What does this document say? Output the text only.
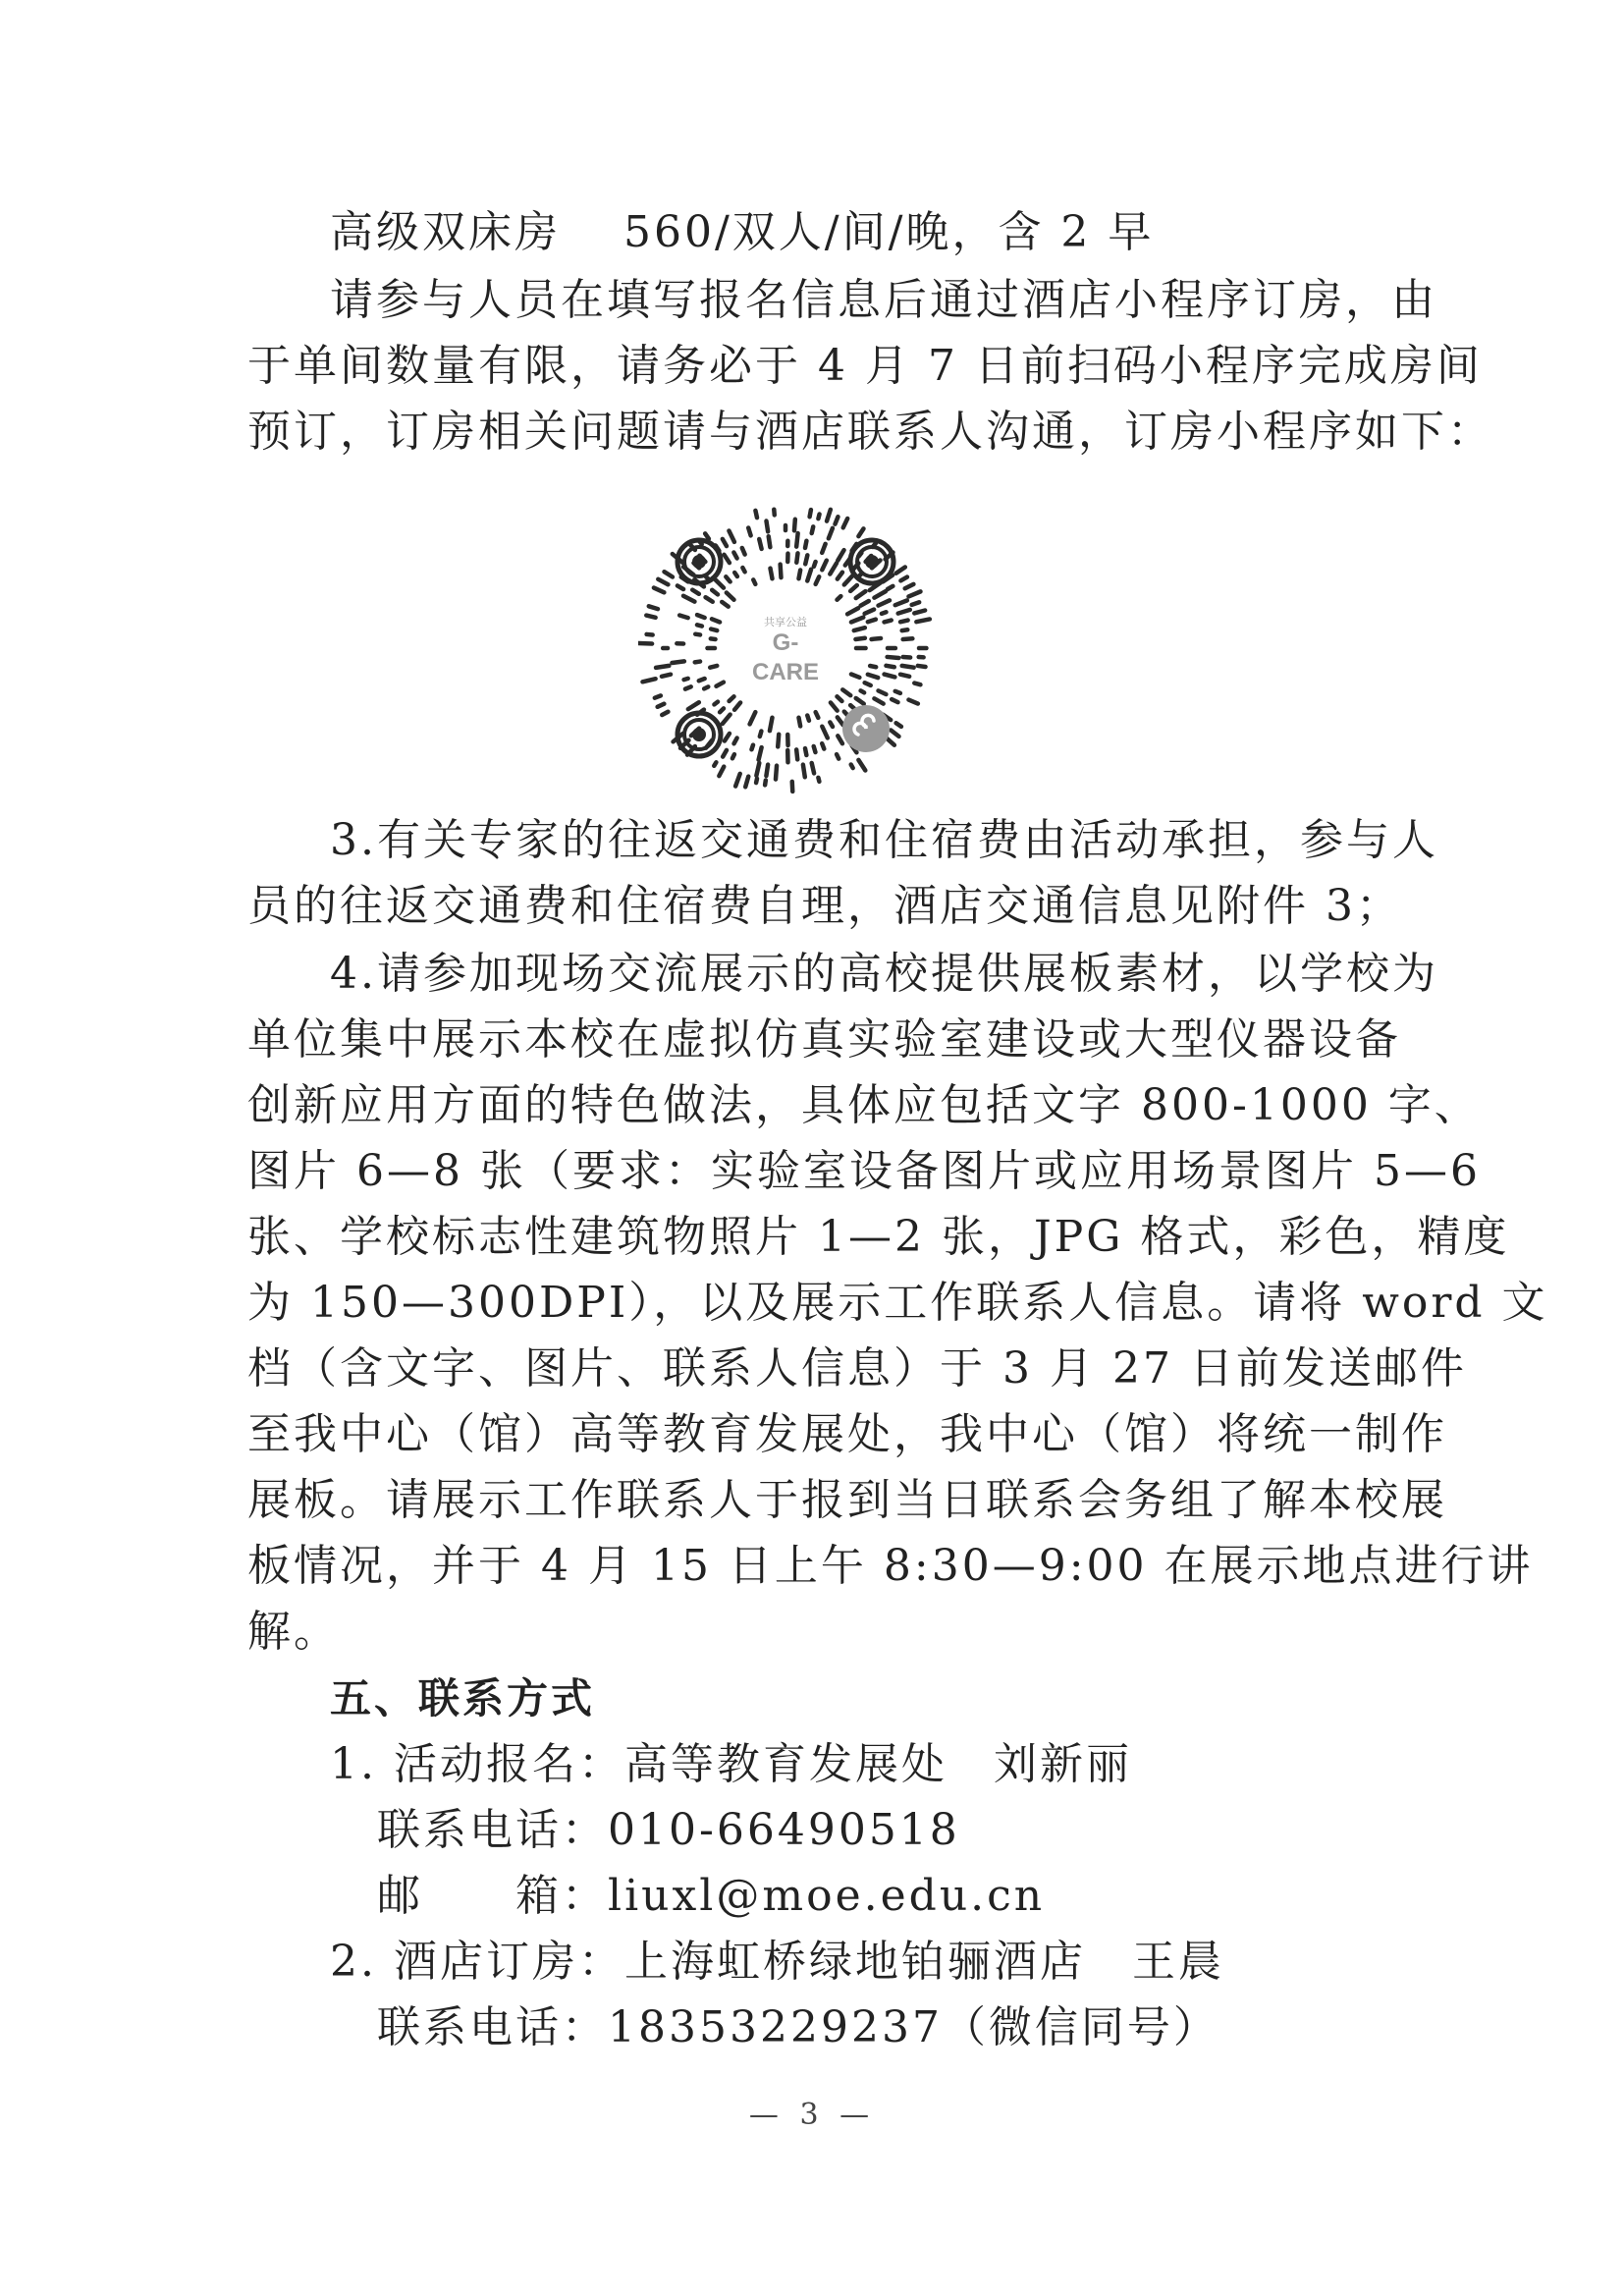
高级双床房　 560/双人/间/晚，含 2 早
请参与人员在填写报名信息后通过酒店小程序订房，由
于单间数量有限，请务必于 4 月 7 日前扫码小程序完成房间
预订，订房相关问题请与酒店联系人沟通，订房小程序如下：
共享公益
G-CARE
3.有关专家的往返交通费和住宿费由活动承担，参与人
员的往返交通费和住宿费自理，酒店交通信息见附件 3；
4.请参加现场交流展示的高校提供展板素材，以学校为
单位集中展示本校在虚拟仿真实验室建设或大型仪器设备
创新应用方面的特色做法，具体应包括文字 800-1000 字、
图片 6—8 张（要求：实验室设备图片或应用场景图片 5—6
张、学校标志性建筑物照片 1—2 张，JPG 格式，彩色，精度
为 150—300DPI），以及展示工作联系人信息。请将 word 文
档（含文字、图片、联系人信息）于 3 月 27 日前发送邮件
至我中心（馆）高等教育发展处，我中心（馆）将统一制作
展板。请展示工作联系人于报到当日联系会务组了解本校展
板情况，并于 4 月 15 日上午 8:30—9:00 在展示地点进行讲
解。
五、联系方式
1. 活动报名：高等教育发展处　刘新丽
联系电话：010-66490518
邮　　箱：liuxl@moe.edu.cn
2. 酒店订房：上海虹桥绿地铂骊酒店　王晨
联系电话：18353229237（微信同号）
— 3 —
